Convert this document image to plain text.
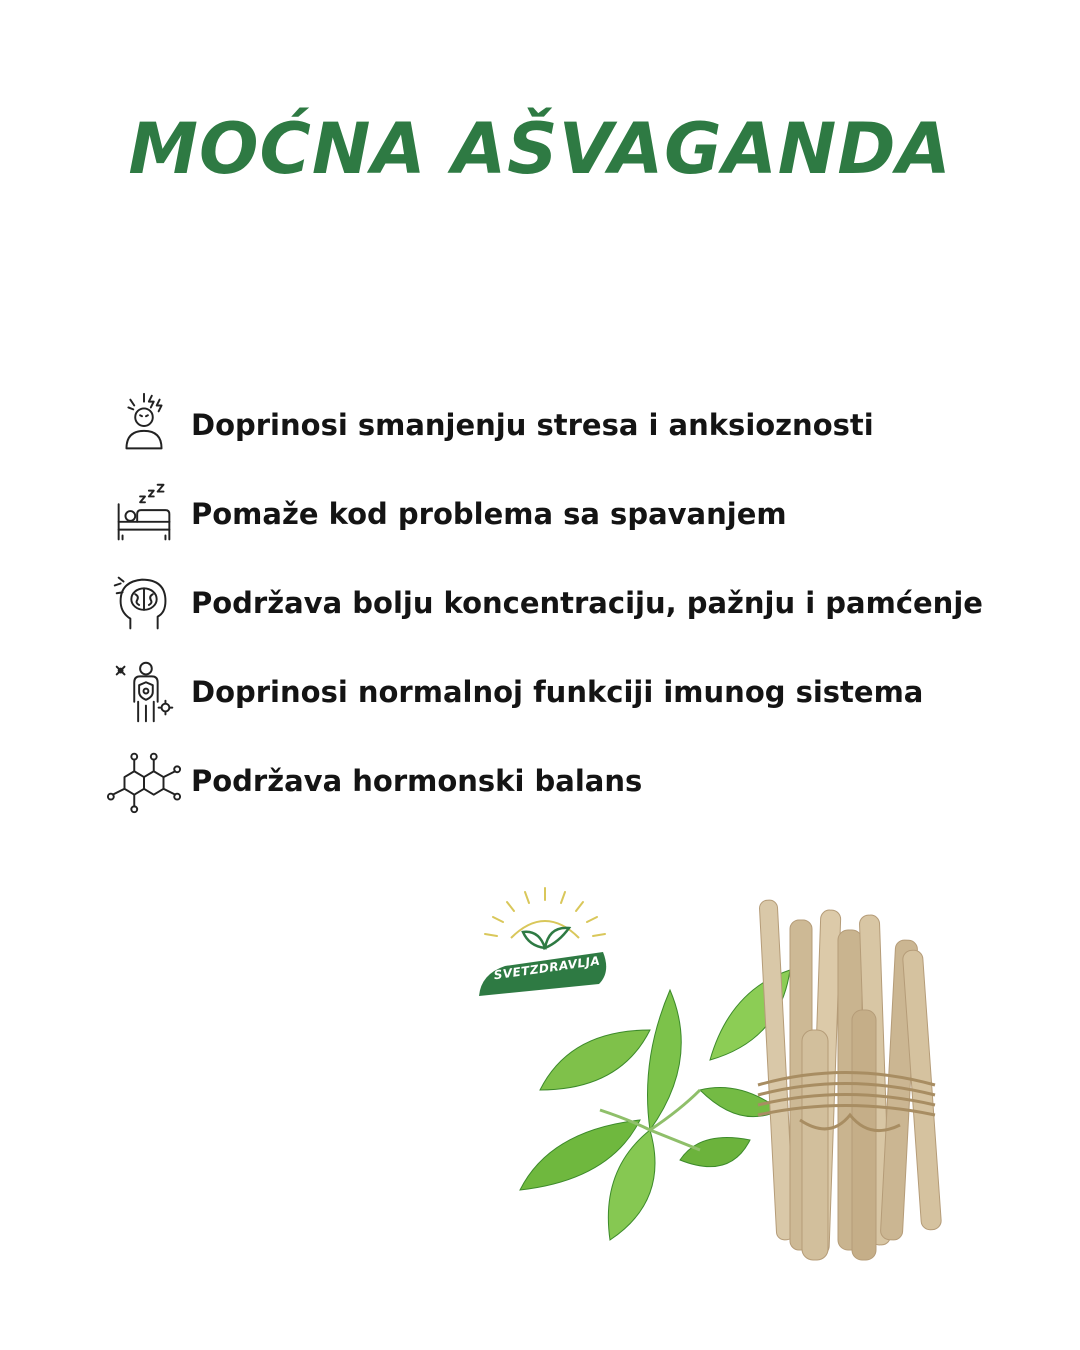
MOĆNA AŠVAGANDA
Doprinosi smanjenju stresa i anksioznosti
Pomaže kod problema sa spavanjem
Podržava bolju koncentraciju, pažnju i pamćenje
Doprinosi normalnoj funkciji imunog sistema
Podržava hormonski balans
SVETZDRAVLJA
